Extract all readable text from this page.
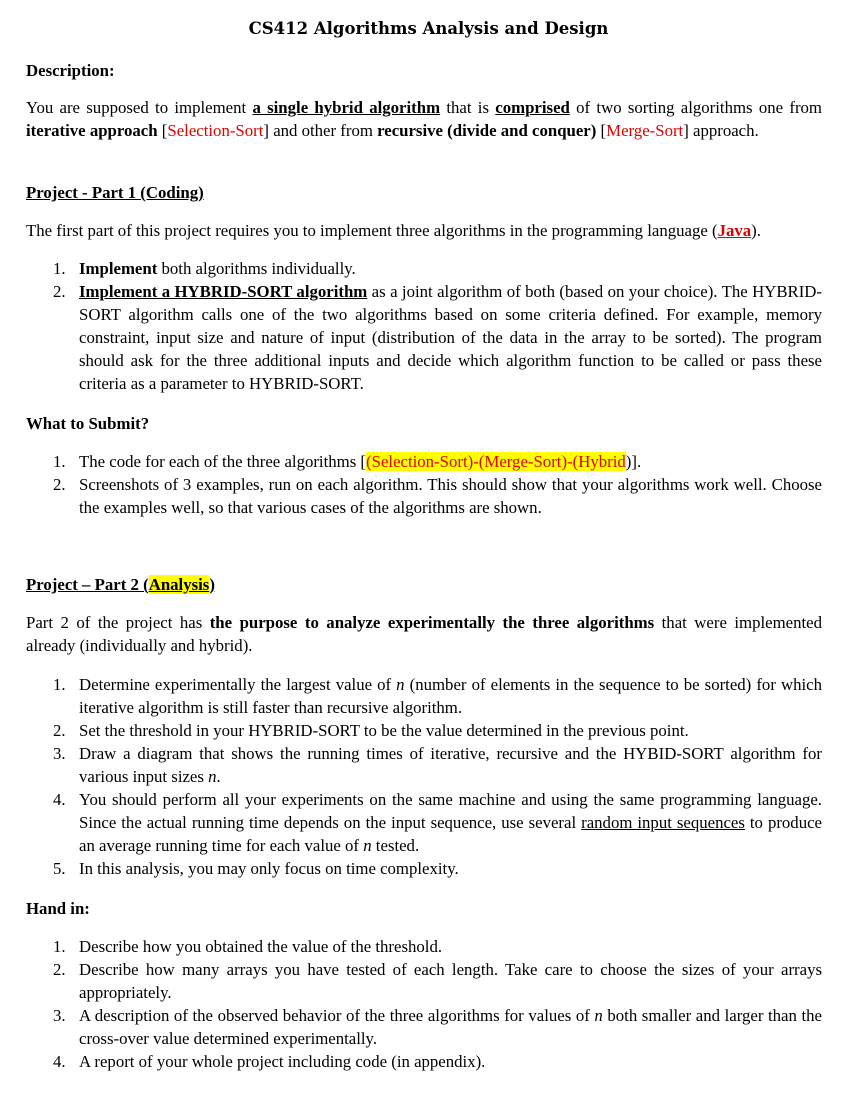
CS412 Algorithms Analysis and Design
Description:
You are supposed to implement a single hybrid algorithm that is comprised of two sorting algorithms one from iterative approach [Selection-Sort] and other from recursive (divide and conquer) [Merge-Sort] approach.
Project - Part 1 (Coding)
The first part of this project requires you to implement three algorithms in the programming language (Java).
1. Implement both algorithms individually.
2. Implement a HYBRID-SORT algorithm as a joint algorithm of both (based on your choice). The HYBRID-SORT algorithm calls one of the two algorithms based on some criteria defined. For example, memory constraint, input size and nature of input (distribution of the data in the array to be sorted). The program should ask for the three additional inputs and decide which algorithm function to be called or pass these criteria as a parameter to HYBRID-SORT.
What to Submit?
1. The code for each of the three algorithms [(Selection-Sort)-(Merge-Sort)-(Hybrid)].
2. Screenshots of 3 examples, run on each algorithm. This should show that your algorithms work well. Choose the examples well, so that various cases of the algorithms are shown.
Project – Part 2 (Analysis)
Part 2 of the project has the purpose to analyze experimentally the three algorithms that were implemented already (individually and hybrid).
1. Determine experimentally the largest value of n (number of elements in the sequence to be sorted) for which iterative algorithm is still faster than recursive algorithm.
2. Set the threshold in your HYBRID-SORT to be the value determined in the previous point.
3. Draw a diagram that shows the running times of iterative, recursive and the HYBID-SORT algorithm for various input sizes n.
4. You should perform all your experiments on the same machine and using the same programming language. Since the actual running time depends on the input sequence, use several random input sequences to produce an average running time for each value of n tested.
5. In this analysis, you may only focus on time complexity.
Hand in:
1. Describe how you obtained the value of the threshold.
2. Describe how many arrays you have tested of each length. Take care to choose the sizes of your arrays appropriately.
3. A description of the observed behavior of the three algorithms for values of n both smaller and larger than the cross-over value determined experimentally.
4. A report of your whole project including code (in appendix).
